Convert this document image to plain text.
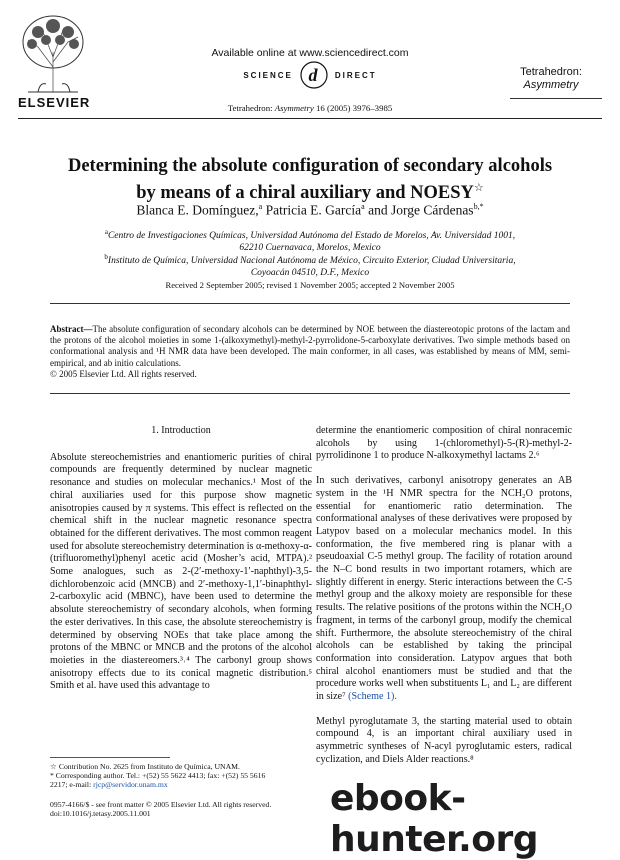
ELSEVIER
Available online at www.sciencedirect.com
SCIENCE d DIRECT
Tetrahedron: Asymmetry 16 (2005) 3976–3985
Tetrahedron:
Asymmetry
Determining the absolute configuration of secondary alcohols
by means of a chiral auxiliary and NOESY☆
Blanca E. Domínguez,$^a$ Patricia E. García$^a$ and Jorge Cárdenas$^{b,*}$
$^a$Centro de Investigaciones Químicas, Universidad Autónoma del Estado de Morelos, Av. Universidad 1001,
62210 Cuernavaca, Morelos, Mexico
$^b$Instituto de Química, Universidad Nacional Autónoma de México, Circuito Exterior, Ciudad Universitaria,
Coyoacán 04510, D.F., Mexico
Received 2 September 2005; revised 1 November 2005; accepted 2 November 2005
Abstract—The absolute configuration of secondary alcohols can be determined by NOE between the diastereotopic protons of the lactam and the protons of the alcohol moieties in some 1-(alkoxymethyl)-methyl-2-pyrrolidone-5-carboxylate derivatives. Two simple methods based on conformational analysis and ¹H NMR data have been developed. The main conformer, in all cases, was established by means of MM, semi-empirical, and ab initio calculations.
© 2005 Elsevier Ltd. All rights reserved.

1. Introduction

Absolute stereochemistries and enantiomeric purities of chiral compounds are frequently determined by nuclear magnetic resonance and studies on molecular mechanics.¹ Most of the chiral auxiliaries used for this purpose show magnetic anisotropies caused by π systems. This effect is reflected on the chemical shift in the nuclear magnetic resonance spectra obtained for the different derivatives. The most common reagent used for absolute stereochemistry determination is α-methoxy-α-(trifluoromethyl)phenyl acetic acid (Mosher’s acid, MTPA).² Some analogues, such as 2-(2′-methoxy-1′-naphthyl)-3,5-dichlorobenzoic acid (MNCB) and 2′-methoxy-1,1′-binaphthyl-2-carboxylic acid (MBNC), have been used to determine the absolute stereochemistry of secondary alcohols, when forming the ester derivatives. In this case, the absolute stereochemistry is determined by observing NOEs that take place among the protons of the MBNC or MNCB and the protons of the alcohol moieties in the diastereomers.³˒⁴ The carbonyl group shows anisotropy effects due to its conical magnetic distribution.⁵ Smith et al. have used this advantage to

determine the enantiomeric composition of chiral nonracemic alcohols by using 1-(chloromethyl)-5-(R)-methyl-2-pyrrolidinone 1 to produce N-alkoxymethyl lactams 2.⁶

In such derivatives, carbonyl anisotropy generates an AB system in the ¹H NMR spectra for the NCH₂O protons, essential for enantiomeric ratio determination. The conformational analyses of these derivatives were proposed by Latypov based on a molecular mechanics model. In this conformation, the five membered ring is planar with a pseudoaxial C-5 methyl group. The facility of rotation around the N–C bond results in two important rotamers, which are slightly different in energy. Steric interactions between the C-5 methyl group and the alkoxy moiety are responsible for these results. The relative positions of the protons within the NCH₂O fragment, in terms of the carbonyl group, modify the chemical shift. Furthermore, the absolute stereochemistry of the chiral alcohols can be established by taking the principal conformation into consideration. Latypov argues that both chiral alcohol enantiomers must be studied and that the procedure works well when substituents L₁ and L₂ are different in size⁷ (Scheme 1).

Methyl pyroglutamate 3, the starting material used to obtain compound 4, is an important chiral auxiliary used in asymmetric syntheses of N-acyl pyroglutamic esters, radical cyclization, and Diels Alder reactions.⁸

☆ Contribution No. 2625 from Instituto de Química, UNAM.

* Corresponding author. Tel.: +(52) 55 5622 4413; fax: +(52) 55 5616

2217; e-mail: rjcp@servidor.unam.mx

0957-4166/$ - see front matter © 2005 Elsevier Ltd. All rights reserved.
doi:10.1016/j.tetasy.2005.11.001	ebook-hunter.org
